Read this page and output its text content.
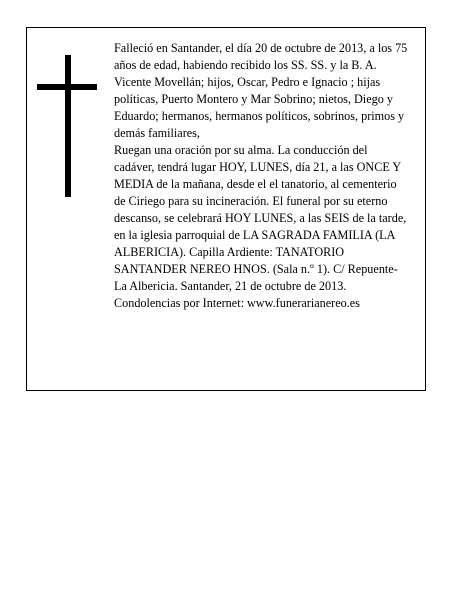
Falleció en Santander, el día 20 de octubre de 2013, a los 75 años de edad, habiendo recibido los SS. SS. y la B. A.

Vicente Movellán; hijos, Oscar, Pedro e Ignacio ; hijas políticas, Puerto Montero y Mar Sobrino; nietos, Diego y Eduardo; hermanos, hermanos políticos, sobrinos, primos y demás familiares,

Ruegan una oración por su alma. La conducción del cadáver, tendrá lugar HOY, LUNES, día 21, a las ONCE Y MEDIA de la mañana, desde el el tanatorio, al cementerio de Ciriego para su incineración. El funeral por su eterno descanso, se celebrará HOY LUNES, a las SEIS de la tarde, en la iglesia parroquial de LA SAGRADA FAMILIA (LA ALBERICIA). Capilla Ardiente: TANATORIO SANTANDER NEREO HNOS. (Sala n.º 1). C/ Repuente-La Albericia. Santander, 21 de octubre de 2013. Condolencias por Internet: www.funerarianereo.es
